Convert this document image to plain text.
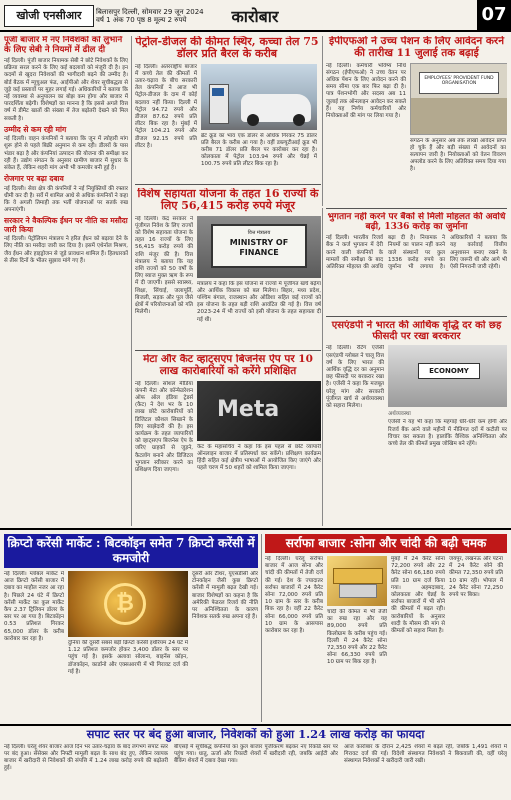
खोजी एनसीआर	बिलासपुर दिल्ली, सोमवार 29 जून 2024
वर्ष 1 अंक 70 पृष्ठ 8 मूल्य 2 रुपये	कारोबार	07
पूंजी बाजार में नए निवेशकों को लुभाने के लिए सेबी ने नियमों में ढील दी

नई दिल्ली। पूंजी बाजार नियामक सेबी ने छोटे निवेशकों के लिए प्रक्रिया सरल करने के लिए कई बदलावों को मंजूरी दी है। इन कदमों से खुदरा निवेशकों की भागीदारी बढ़ने की उम्मीद है। बोर्ड बैठक में म्यूचुअल फंड, आईपीओ और शेयर सूचीबद्धता से जुड़े कई प्रस्तावों पर मुहर लगाई गई। अधिकारियों ने बताया कि नई व्यवस्था से अनुपालन का बोझ कम होगा और बाजार में पारदर्शिता बढ़ेगी। विशेषज्ञों का मानना है कि इससे अगले वित्त वर्ष में डीमैट खातों की संख्या में तेज बढ़ोतरी देखने को मिल सकती है।

उम्मीद से कम रही मांग

नई दिल्ली। वाहन कंपनियों ने बताया कि जून में त्योहारी मांग शुरू होने से पहले बिक्री अनुमान से कम रही। डीलरों के पास भंडार बढ़ा है और कंपनियां उत्पादन की योजना की समीक्षा कर रही हैं। उद्योग संगठन के अनुसार ग्रामीण बाजार में सुधार के संकेत हैं, लेकिन शहरी मांग अभी भी कमजोर बनी हुई है।

रोजगार पर बढ़ा दबाव

नई दिल्ली। सेवा क्षेत्र की कंपनियों ने नई नियुक्तियों की रफ्तार धीमी कर दी है। सर्वे में शामिल आधे से अधिक कंपनियों ने कहा कि वे अगली तिमाही तक भर्ती योजनाओं पर सतर्क रुख अपनाएंगी।

सरकार ने वैकल्पिक ईंधन पर नीति का मसौदा जारी किया

नई दिल्ली। पेट्रोलियम मंत्रालय ने हरित ईंधन को बढ़ावा देने के लिए नीति का मसौदा जारी कर दिया है। इसमें एथेनॉल मिश्रण, जैव ईंधन और हाइड्रोजन से जुड़े प्रावधान शामिल हैं। हितधारकों से तीस दिनों के भीतर सुझाव मांगे गए हैं।

पेट्रोल-डीजल की कीमत स्थिर, कच्चा तेल 75 डॉलर प्रति बैरल के करीब

नई दिल्ली। अंतरराष्ट्रीय बाजार में कच्चे तेल की कीमतों में उतार-चढ़ाव के बीच सरकारी तेल कंपनियों ने आज भी पेट्रोल-डीजल के दाम में कोई बदलाव नहीं किया। दिल्ली में पेट्रोल 94.72 रुपये और डीजल 87.62 रुपये प्रति लीटर बिक रहा है। मुंबई में पेट्रोल 104.21 रुपये और डीजल 92.15 रुपये प्रति लीटर है।

ब्रेंट क्रूड का भाव एक डॉलर से अधिक गिरकर 75 डॉलर प्रति बैरल के करीब आ गया है। वहीं डब्ल्यूटीआई क्रूड भी करीब 71 डॉलर प्रति बैरल पर कारोबार कर रहा है। कोलकाता में पेट्रोल 103.94 रुपये और चेन्नई में 100.75 रुपये प्रति लीटर बिक रहा है।

ईपीएफओ ने उच्च पेंशन के लिए आवेदन करने की तारीख 11 जुलाई तक बढ़ाई

नई दिल्ली। कर्मचारी भविष्य निधि संगठन (ईपीएफओ) ने उच्च वेतन पर अधिक पेंशन के लिए आवेदन करने की समय सीमा एक बार फिर बढ़ा दी है। पात्र पेंशनभोगी और सदस्य अब 11 जुलाई तक ऑनलाइन आवेदन कर सकते हैं। यह निर्णय कर्मचारियों और नियोक्ताओं की मांग पर लिया गया है।

EMPLOYEES' PROVIDENT FUND ORGANISATION

संगठन के अनुसार अब तक लाखों आवेदन प्राप्त हो चुके हैं और बड़ी संख्या में आवेदनों का सत्यापन जारी है। नियोक्ताओं को वेतन विवरण अपलोड करने के लिए अतिरिक्त समय दिया गया है।

भुगतान नहीं करने पर बैंकों से मिली मोहलत की अवधि बढ़ी, 1336 करोड़ का जुर्माना

नई दिल्ली। भारतीय रिजर्व बैंक ने कर्ज भुगतान में देरी करने वाली कंपनियों के मामलों की समीक्षा के बाद अतिरिक्त मोहलत की अवधि बढ़ा दी है। नियामक ने नियमों का पालन नहीं करने वाले संस्थानों पर कुल 1336 करोड़ रुपये का जुर्माना भी लगाया है। अधिकारियों ने बताया कि यह कार्रवाई वित्तीय अनुशासन बनाए रखने के लिए जरूरी थी और आगे भी ऐसी निगरानी जारी रहेगी।

विशेष सहायता योजना के तहत 16 राज्यों के लिए 56,415 करोड़ रुपये मंजूर

नई दिल्ली। केंद्र सरकार ने पूंजीगत निवेश के लिए राज्यों को विशेष सहायता योजना के तहत 16 राज्यों के लिए 56,415 करोड़ रुपये की राशि मंजूर की है। वित्त मंत्रालय ने बताया कि यह राशि राज्यों को 50 वर्षों के लिए ब्याज मुक्त ऋण के रूप में दी जाएगी। इससे स्वास्थ्य, शिक्षा, सिंचाई, जलापूर्ति, बिजली, सड़क और पुल जैसे क्षेत्रों में परियोजनाओं को गति मिलेगी।

वित्त मंत्रालय
MINISTRY OF FINANCE

मंत्रालय ने कहा कि इस योजना से राज्यों में पूंजीगत खर्च बढ़ेगा और आर्थिक विकास को बल मिलेगा। बिहार, मध्य प्रदेश, पश्चिम बंगाल, राजस्थान और ओडिशा सहित कई राज्यों को इस योजना के तहत बड़ी राशि आवंटित की गई है। वित्त वर्ष 2023-24 में भी राज्यों को इसी योजना के तहत सहायता दी गई थी।

मेटा और कैट व्हाट्सएप बिजनेस ऐप पर 10 लाख कारोबारियों को करेंगे प्रशिक्षित

नई दिल्ली। सोशल मीडिया कंपनी मेटा और कॉन्फेडरेशन ऑफ ऑल इंडिया ट्रेडर्स (कैट) ने देश भर के 10 लाख छोटे कारोबारियों को डिजिटल कौशल सिखाने के लिए साझेदारी की है। इस कार्यक्रम के तहत व्यापारियों को व्हाट्सएप बिजनेस ऐप के जरिए ग्राहकों से जुड़ने, कैटलॉग बनाने और डिजिटल भुगतान स्वीकार करने का प्रशिक्षण दिया जाएगा।

Meta

कैट के महासचिव ने कहा कि इस पहल से छोटे व्यापारी ऑनलाइन बाजार में प्रतिस्पर्धा कर सकेंगे। प्रशिक्षण कार्यक्रम हिंदी सहित कई क्षेत्रीय भाषाओं में आयोजित किए जाएंगे और पहले चरण में 50 शहरों को शामिल किया जाएगा।

एसएंडपी ने भारत की आर्थिक वृद्धि दर को छह फीसदी पर रखा बरकरार

नई दिल्ली। रेटिंग एजेंसी एसएंडपी ग्लोबल ने चालू वित्त वर्ष के लिए भारत की आर्थिक वृद्धि दर का अनुमान छह फीसदी पर बरकरार रखा है। एजेंसी ने कहा कि मजबूत घरेलू मांग और सरकारी पूंजीगत खर्च से अर्थव्यवस्था को सहारा मिलेगा।

ECONOMY
अर्थव्यवस्था

एजेंसी ने यह भी कहा कि महंगाई धीरे-धीरे कम होगी और रिजर्व बैंक आने वाले महीनों में नीतिगत दरों में कटौती पर विचार कर सकता है। हालांकि वैश्विक अनिश्चितता और कच्चे तेल की कीमतें प्रमुख जोखिम बने रहेंगे।

क्रिप्टो करेंसी मार्केट : बिटकॉइन समेत 7 क्रिप्टो करेंसी में कमजोरी

नई दिल्ली। ग्लोबल मार्केट में आज क्रिप्टो करेंसी बाजार में दबाव का माहौल नजर आ रहा है। पिछले 24 घंटे में क्रिप्टो करेंसी मार्केट का कुल मार्केट कैप 2.37 ट्रिलियन डॉलर के स्तर पर आ गया है। बिटकॉइन 0.53 प्रतिशत गिरकर 65,000 डॉलर के करीब कारोबार कर रहा है।

₿

दुनिया की दूसरी सबसे बड़ी क्रिप्टो करेंसी इथेरियम 24 घंटे में 1.12 प्रतिशत कमजोर होकर 3,400 डॉलर के स्तर पर पहुंच गई है। इसके अलावा सोलाना, बाइनेंस कॉइन, डॉजकॉइन, कार्डानो और एक्सआरपी में भी गिरावट दर्ज की गई है।

दूसरी ओर टीथर, यूएसडीसी और टोनकॉइन जैसी कुछ क्रिप्टो करेंसी में मामूली बढ़त देखी गई। बाजार विशेषज्ञों का कहना है कि अमेरिकी फेडरल रिजर्व की नीति पर अनिश्चितता के कारण निवेशक सतर्क रुख अपना रहे हैं।

सर्राफा बाजार :सोना और चांदी की बढ़ी चमक

नई दिल्ली। घरेलू सर्राफा बाजार में आज सोना और चांदी की कीमतों में तेजी दर्ज की गई। देश के ज्यादातर सर्राफा बाजारों में 24 कैरेट सोना 72,000 रुपये प्रति 10 ग्राम के स्तर के करीब बिक रहा है। वहीं 22 कैरेट सोना 66,000 रुपये प्रति 10 ग्राम के आसपास कारोबार कर रहा है।

चांदी की कीमत में भी तेजी का रुख रहा और यह 89,000 रुपये प्रति किलोग्राम के करीब पहुंच गई। दिल्ली में 24 कैरेट सोना 72,350 रुपये और 22 कैरेट सोना 66,330 रुपये प्रति 10 ग्राम पर बिक रहा है।

मुंबई में 24 कैरेट सोना 72,200 रुपये और 22 कैरेट सोना 66,180 रुपये प्रति 10 ग्राम दर्ज किया गया। अहमदाबाद, कोलकाता और चेन्नई के सर्राफा बाजारों में भी सोने की कीमतों में बढ़त रही। कारोबारियों के अनुसार शादी के मौसम की मांग से कीमतों को सहारा मिला है।

जयपुर, लखनऊ और पटना में 24 कैरेट सोने की कीमत 72,350 रुपये प्रति 10 ग्राम रही। भोपाल में 24 कैरेट सोना 72,250 रुपये पर बिका।

सपाट स्तर पर बंद हुआ बाजार, निवेशकों को हुआ 1.24 लाख करोड़ का फायदा

नई दिल्ली। घरेलू शेयर बाजार आज दिन भर उतार-चढ़ाव के बाद लगभग सपाट स्तर पर बंद हुआ। सेंसेक्स और निफ्टी मामूली बढ़त के साथ बंद हुए, लेकिन व्यापक बाजार में खरीदारी से निवेशकों की संपत्ति में 1.24 लाख करोड़ रुपये की बढ़ोतरी हुई।

बीएसई में सूचीबद्ध कंपनियों का कुल बाजार पूंजीकरण बढ़कर नए रिकॉर्ड स्तर पर पहुंच गया। धातु, ऊर्जा और रियल्टी शेयरों में खरीदारी रही, जबकि आईटी और बैंकिंग शेयरों में दबाव देखा गया।

आज कारोबार के दौरान 2,425 शेयरों में बढ़त रही, जबकि 1,491 शेयरों में गिरावट दर्ज की गई। विदेशी संस्थागत निवेशकों ने बिकवाली की, वहीं घरेलू संस्थागत निवेशकों ने खरीदारी जारी रखी।
